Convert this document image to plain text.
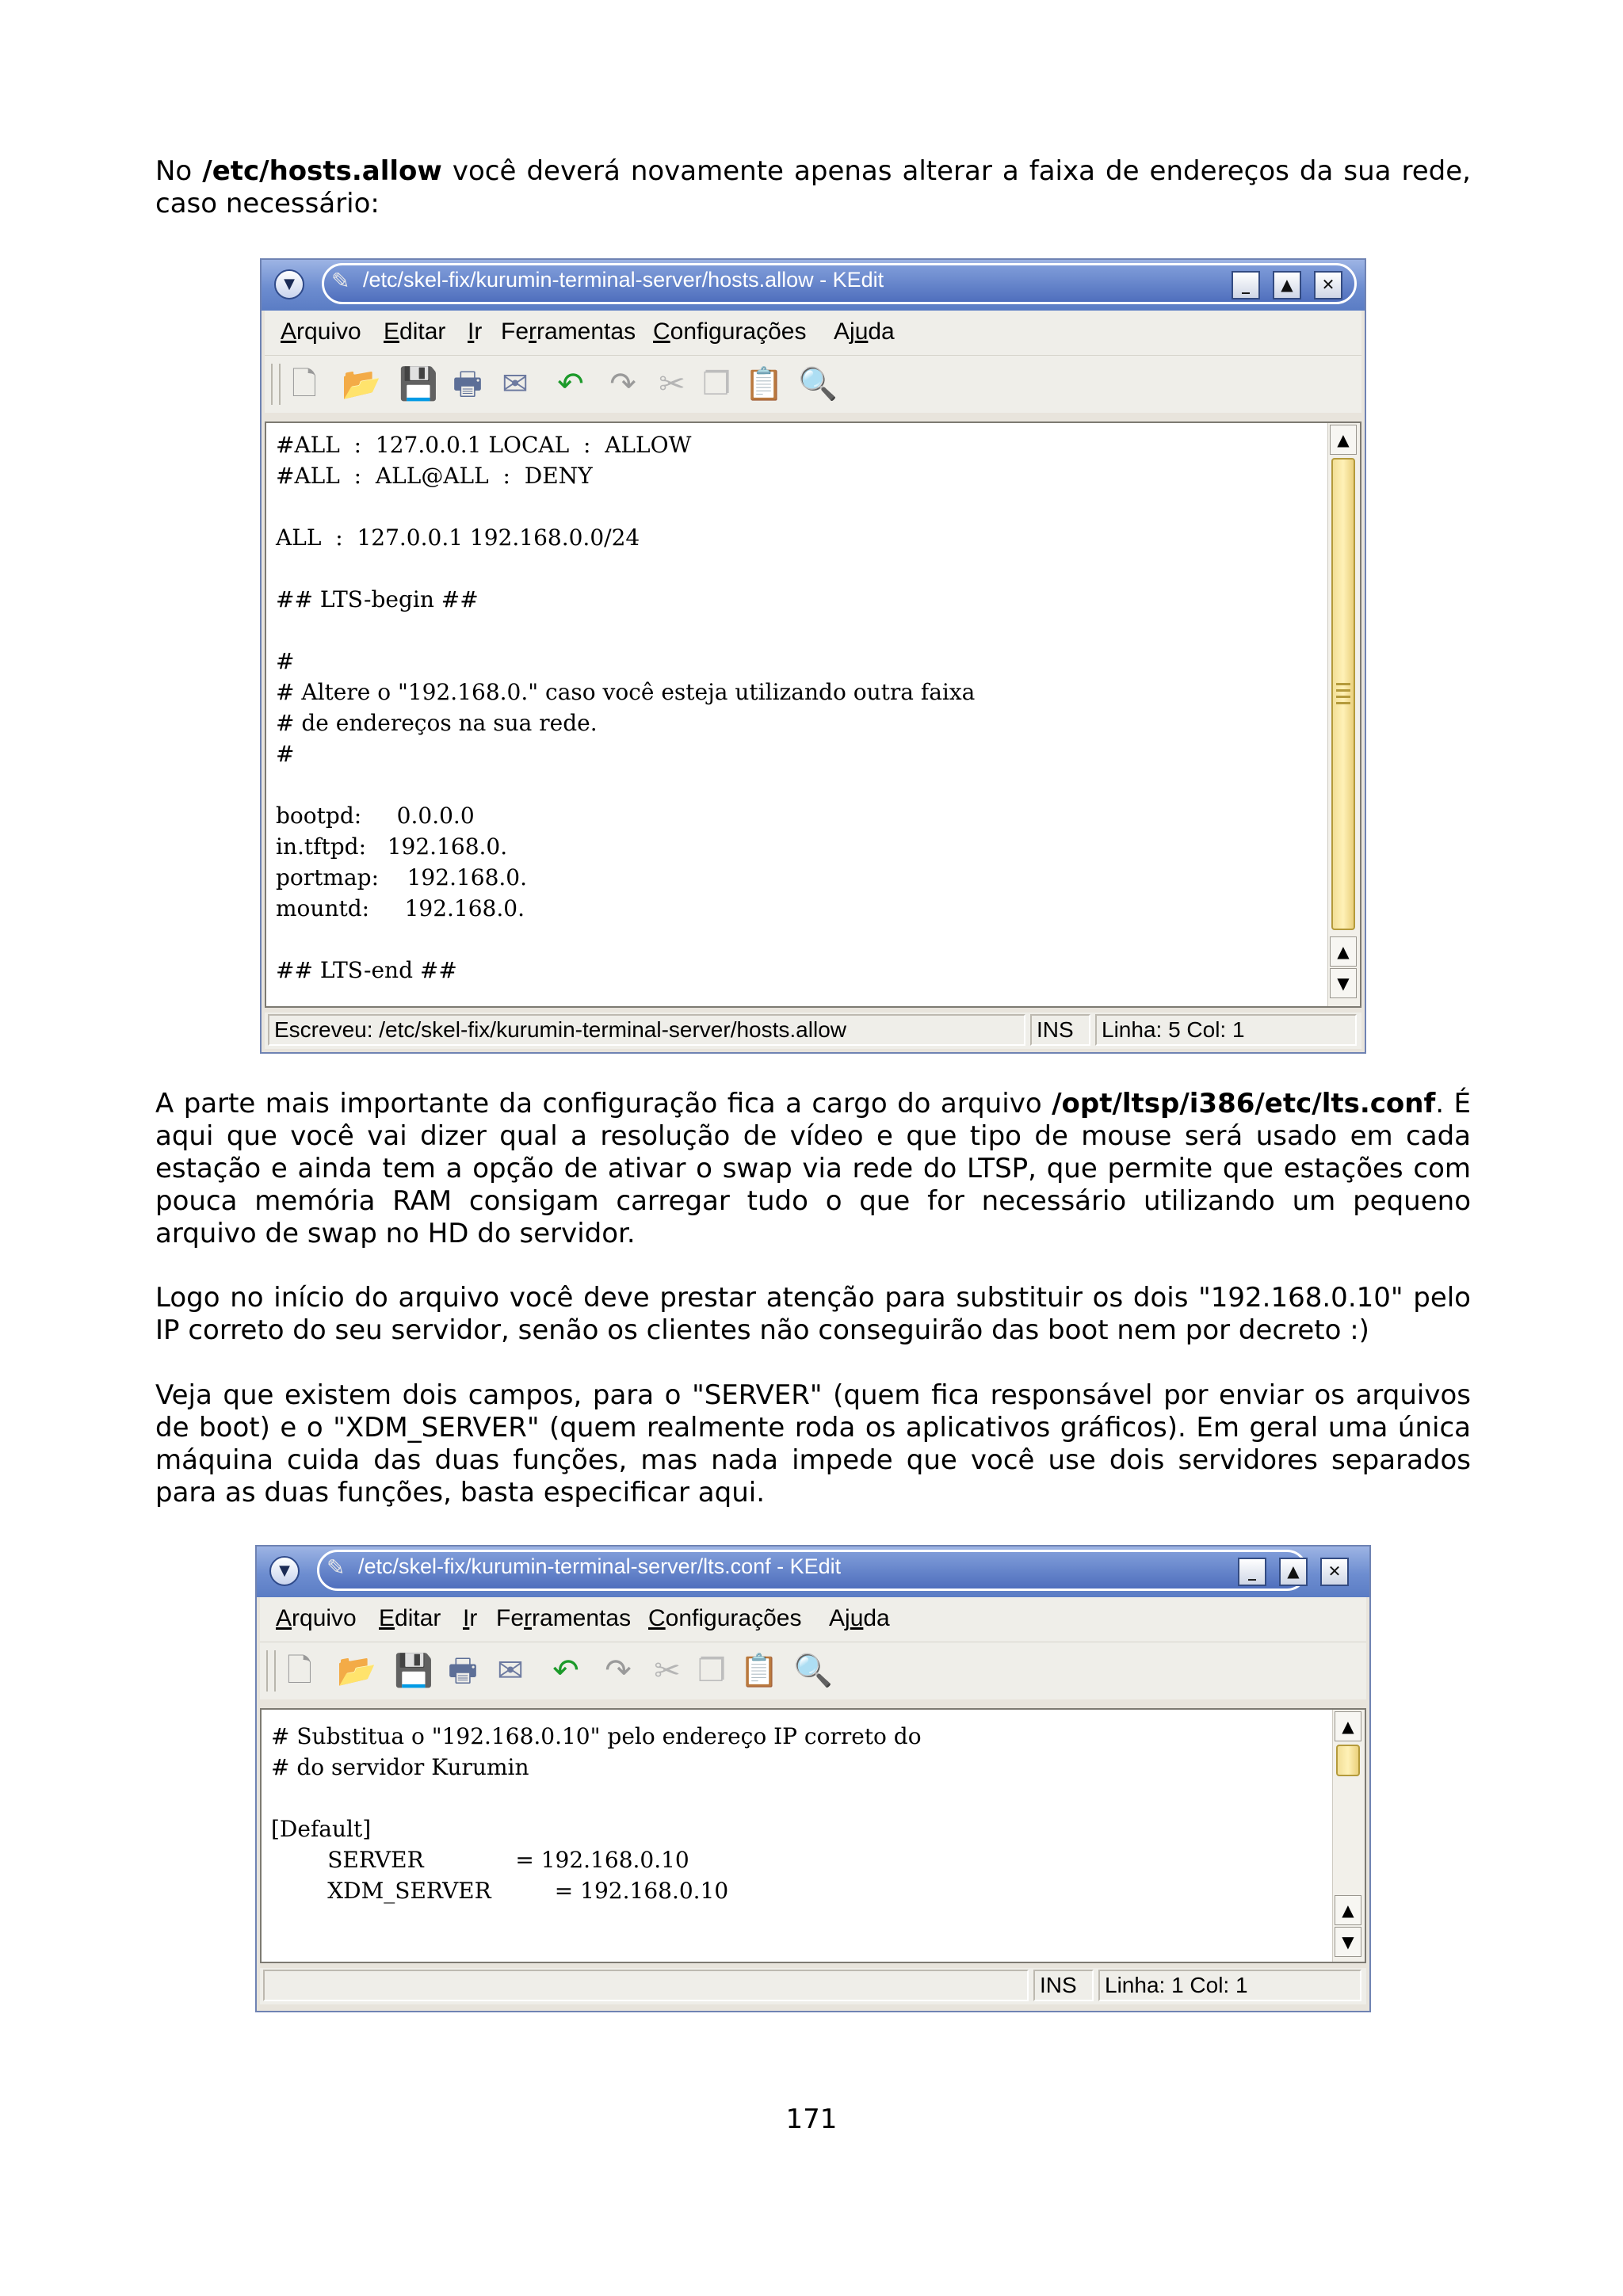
No /etc/hosts.allow você deverá novamente apenas alterar a faixa de endereços da sua rede, caso necessário:
▼	✎ /etc/skel-fix/kurumin-terminal-server/hosts.allow - KEdit	_	▲	✕
Arquivo Editar Ir Ferramentas Configurações Ajuda
🗋 📂 💾 🖶 ✉ ↶ ↷ ✂ ❐ 📋 🔍
#ALL  :  127.0.0.1 LOCAL  :  ALLOW
#ALL  :  ALL@ALL  :  DENY

ALL  :  127.0.0.1 192.168.0.0/24

## LTS-begin ##

#
# Altere o "192.168.0." caso você esteja utilizando outra faixa
# de endereços na sua rede.
#

bootpd:     0.0.0.0
in.tftpd:   192.168.0.
portmap:    192.168.0.
mountd:     192.168.0.

## LTS-end ##
▲
▲
▼
Escreveu: /etc/skel-fix/kurumin-terminal-server/hosts.allow	INS	Linha: 5 Col: 1
A parte mais importante da configuração fica a cargo do arquivo /opt/ltsp/i386/etc/lts.conf. É aqui que você vai dizer qual a resolução de vídeo e que tipo de mouse será usado em cada estação e ainda tem a opção de ativar o swap via rede do LTSP, que permite que estações com pouca memória RAM consigam carregar tudo o que for necessário utilizando um pequeno arquivo de swap no HD do servidor.
Logo no início do arquivo você deve prestar atenção para substituir os dois "192.168.0.10" pelo IP correto do seu servidor, senão os clientes não conseguirão das boot nem por decreto :)
Veja que existem dois campos, para o "SERVER" (quem fica responsável por enviar os arquivos de boot) e o "XDM_SERVER" (quem realmente roda os aplicativos gráficos). Em geral uma única máquina cuida das duas funções, mas nada impede que você use dois servidores separados para as duas funções, basta especificar aqui.
▼	✎ /etc/skel-fix/kurumin-terminal-server/lts.conf - KEdit	_	▲	✕
Arquivo Editar Ir Ferramentas Configurações Ajuda
🗋 📂 💾 🖶 ✉ ↶ ↷ ✂ ❐ 📋 🔍
# Substitua o "192.168.0.10" pelo endereço IP correto do
# do servidor Kurumin

[Default]
SERVER             = 192.168.0.10
XDM_SERVER         = 192.168.0.10
▲
▲
▼
INS	Linha: 1 Col: 1
171
